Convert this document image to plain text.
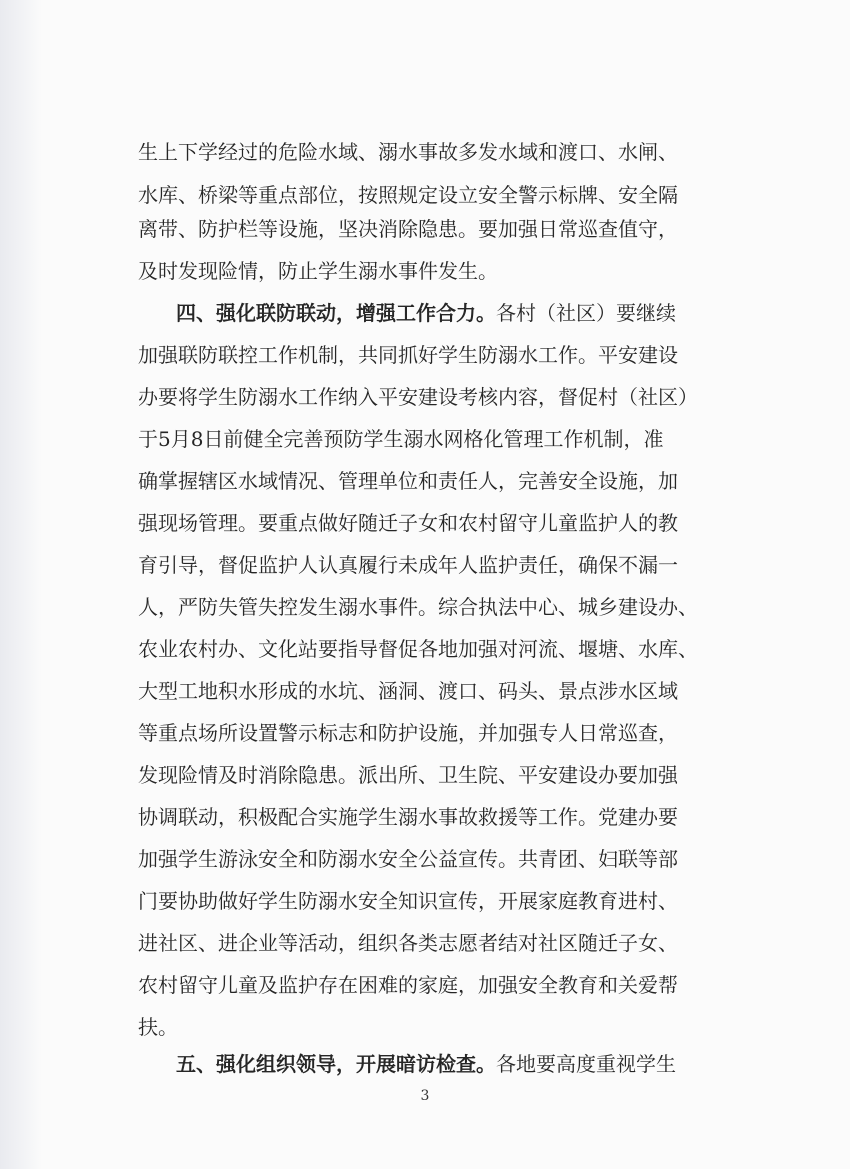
生上下学经过的危险水域、溺水事故多发水域和渡口、水闸、

水库、桥梁等重点部位，按照规定设立安全警示标牌、安全隔

离带、防护栏等设施，坚决消除隐患。要加强日常巡查值守，

及时发现险情，防止学生溺水事件发生。

四、强化联防联动，增强工作合力。各村（社区）要继续

加强联防联控工作机制，共同抓好学生防溺水工作。平安建设

办要将学生防溺水工作纳入平安建设考核内容，督促村（社区）

于5月8日前健全完善预防学生溺水网格化管理工作机制，准

确掌握辖区水域情况、管理单位和责任人，完善安全设施，加

强现场管理。要重点做好随迁子女和农村留守儿童监护人的教

育引导，督促监护人认真履行未成年人监护责任，确保不漏一

人，严防失管失控发生溺水事件。综合执法中心、城乡建设办、

农业农村办、文化站要指导督促各地加强对河流、堰塘、水库、

大型工地积水形成的水坑、涵洞、渡口、码头、景点涉水区域

等重点场所设置警示标志和防护设施，并加强专人日常巡查，

发现险情及时消除隐患。派出所、卫生院、平安建设办要加强

协调联动，积极配合实施学生溺水事故救援等工作。党建办要

加强学生游泳安全和防溺水安全公益宣传。共青团、妇联等部

门要协助做好学生防溺水安全知识宣传，开展家庭教育进村、

进社区、进企业等活动，组织各类志愿者结对社区随迁子女、

农村留守儿童及监护存在困难的家庭，加强安全教育和关爱帮

扶。

五、强化组织领导，开展暗访检查。各地要高度重视学生

3
